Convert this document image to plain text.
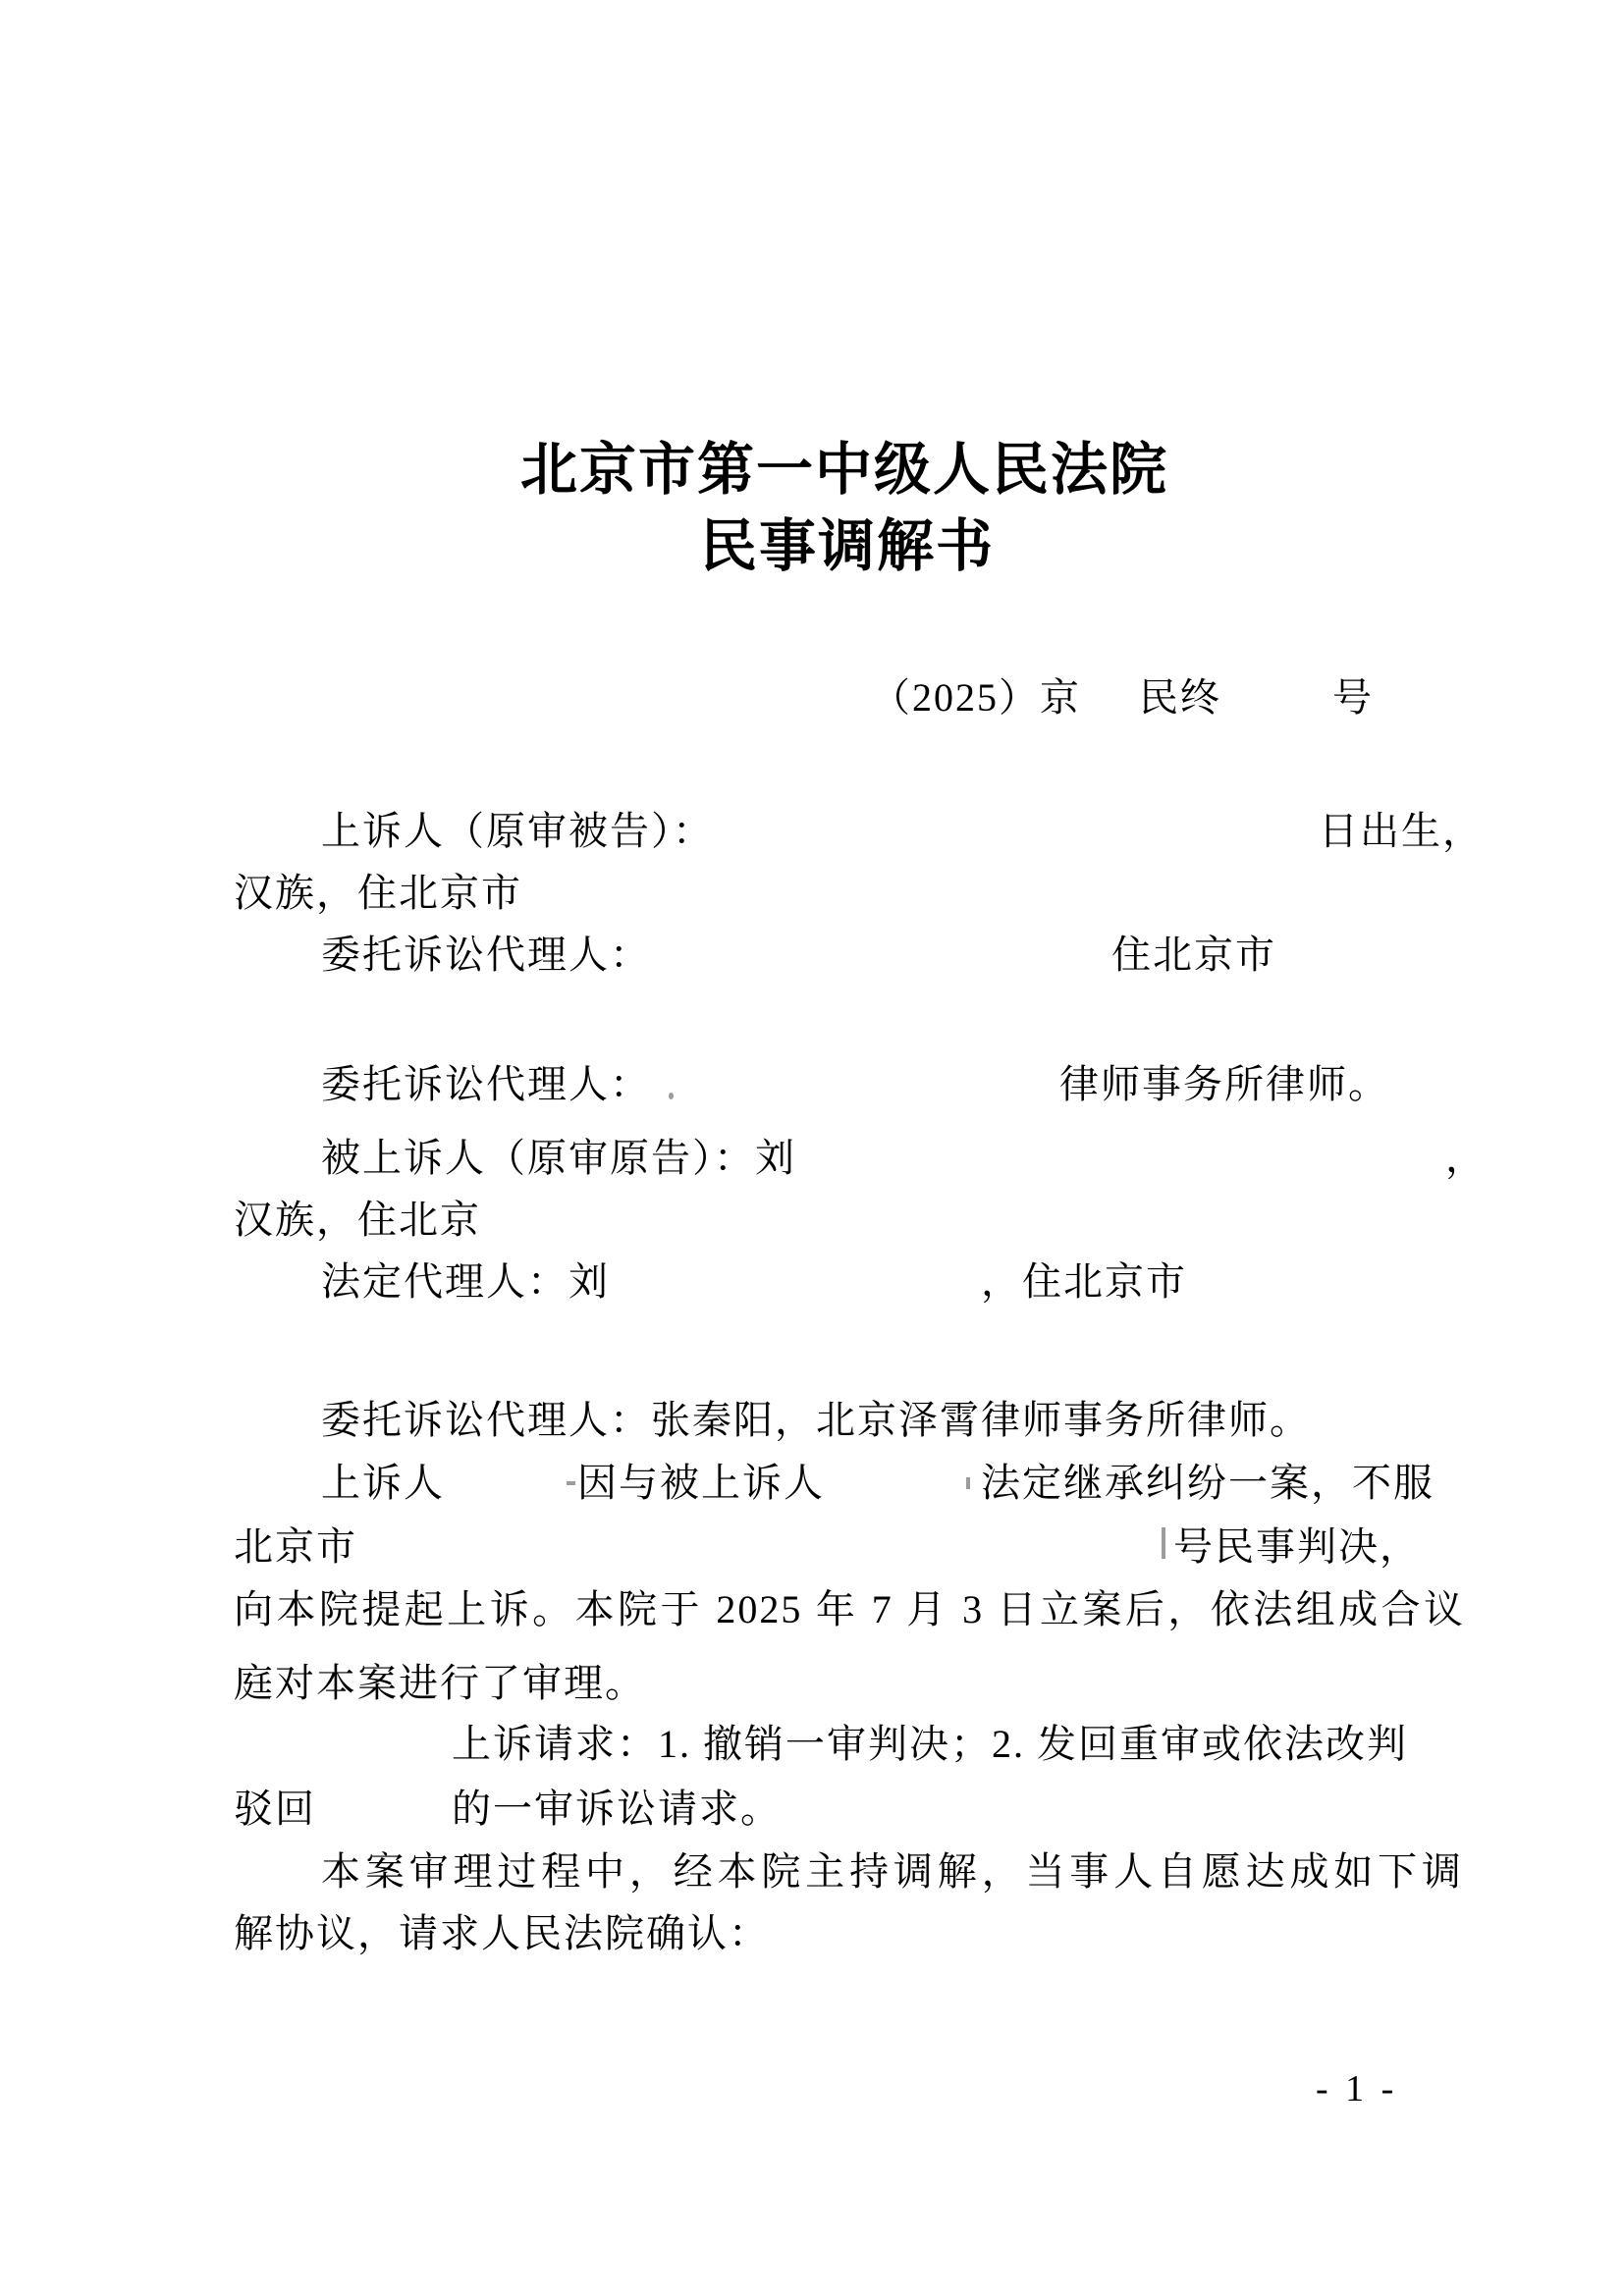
北京市第一中级人民法院
民事调解书
（2025）京 民终	号
上诉人（原审被告）：	日出生，
汉族，住北京市
委托诉讼代理人：	住北京市
委托诉讼代理人：	律师事务所律师。
被上诉人（原审原告）：刘	，
汉族，住北京
法定代理人：刘	，住北京市
委托诉讼代理人：张秦阳，北京泽霄律师事务所律师。
上诉人	因与被上诉人	法定继承纠纷一案，不服
北京市	号民事判决，
向本院提起上诉。本院于 2025 年 7 月 3 日立案后，依法组成合议
庭对本案进行了审理。
上诉请求：1. 撤销一审判决；2. 发回重审或依法改判
驳回	的一审诉讼请求。
本案审理过程中，经本院主持调解，当事人自愿达成如下调
解协议，请求人民法院确认：
- 1 -
